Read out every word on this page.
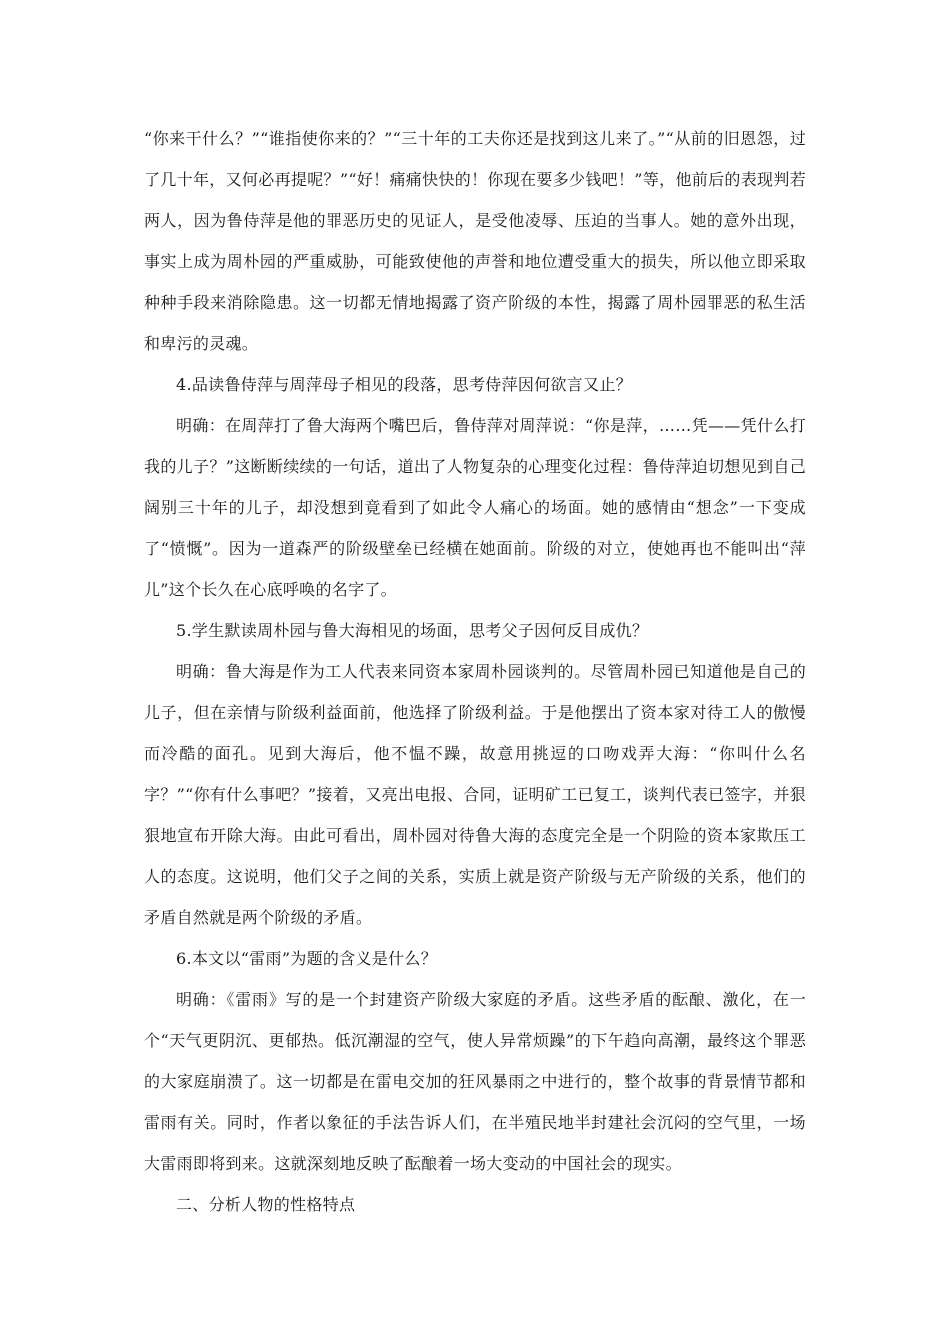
“你来干什么？”“谁指使你来的？”“三十年的工夫你还是找到这儿来了。”“从前的旧恩怨，过了几十年，又何必再提呢？”“好！痛痛快快的！你现在要多少钱吧！”等，他前后的表现判若两人，因为鲁侍萍是他的罪恶历史的见证人，是受他凌辱、压迫的当事人。她的意外出现，事实上成为周朴园的严重威胁，可能致使他的声誉和地位遭受重大的损失，所以他立即采取种种手段来消除隐患。这一切都无情地揭露了资产阶级的本性，揭露了周朴园罪恶的私生活和卑污的灵魂。

4.品读鲁侍萍与周萍母子相见的段落，思考侍萍因何欲言又止？

明确：在周萍打了鲁大海两个嘴巴后，鲁侍萍对周萍说：“你是萍，……凭——凭什么打我的儿子？”这断断续续的一句话，道出了人物复杂的心理变化过程：鲁侍萍迫切想见到自己阔别三十年的儿子，却没想到竟看到了如此令人痛心的场面。她的感情由“想念”一下变成了“愤慨”。因为一道森严的阶级壁垒已经横在她面前。阶级的对立，使她再也不能叫出“萍儿”这个长久在心底呼唤的名字了。

5.学生默读周朴园与鲁大海相见的场面，思考父子因何反目成仇？

明确：鲁大海是作为工人代表来同资本家周朴园谈判的。尽管周朴园已知道他是自己的儿子，但在亲情与阶级利益面前，他选择了阶级利益。于是他摆出了资本家对待工人的傲慢而冷酷的面孔。见到大海后，他不愠不躁，故意用挑逗的口吻戏弄大海：“你叫什么名字？”“你有什么事吧？”接着，又亮出电报、合同，证明矿工已复工，谈判代表已签字，并狠狠地宣布开除大海。由此可看出，周朴园对待鲁大海的态度完全是一个阴险的资本家欺压工人的态度。这说明，他们父子之间的关系，实质上就是资产阶级与无产阶级的关系，他们的矛盾自然就是两个阶级的矛盾。

6.本文以“雷雨”为题的含义是什么？

明确：《雷雨》写的是一个封建资产阶级大家庭的矛盾。这些矛盾的酝酿、激化，在一个“天气更阴沉、更郁热。低沉潮湿的空气，使人异常烦躁”的下午趋向高潮，最终这个罪恶的大家庭崩溃了。这一切都是在雷电交加的狂风暴雨之中进行的，整个故事的背景情节都和雷雨有关。同时，作者以象征的手法告诉人们，在半殖民地半封建社会沉闷的空气里，一场大雷雨即将到来。这就深刻地反映了酝酿着一场大变动的中国社会的现实。

二、分析人物的性格特点
